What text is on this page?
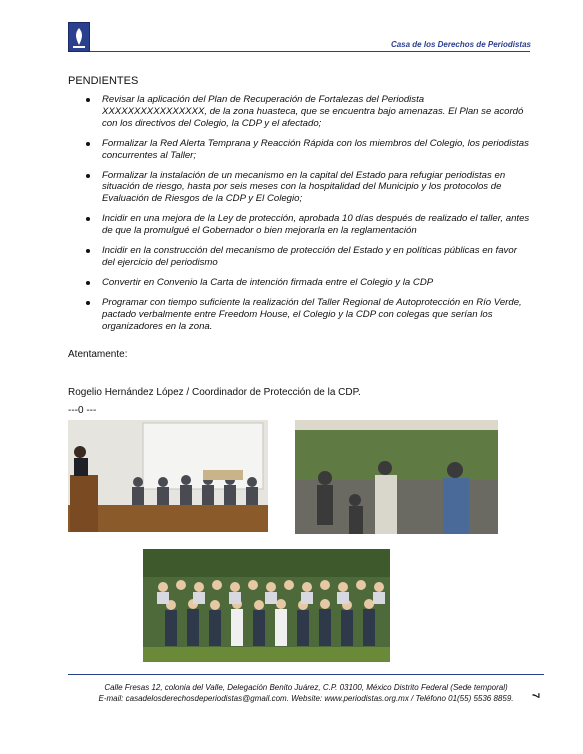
Casa de los Derechos de Periodistas
PENDIENTES
Revisar la aplicación del Plan de Recuperación de Fortalezas del Periodista XXXXXXXXXXXXXXXX, de la zona huasteca, que se encuentra bajo amenazas. El Plan se acordó con los directivos del Colegio, la CDP y el afectado;
Formalizar la Red Alerta Temprana y Reacción Rápida con los miembros del Colegio, los periodistas concurrentes al Taller;
Formalizar la instalación de un mecanismo en la capital del Estado para refugiar periodistas en situación de riesgo, hasta por seis meses con la hospitalidad del Municipio y los protocolos de Evaluación de Riesgos de la CDP y El Colegio;
Incidir en una mejora de la Ley de protección, aprobada 10 días después de realizado el taller, antes de que la promulgué el Gobernador o bien mejorarla en la reglamentación
Incidir en la construcción del mecanismo de protección del Estado y en políticas públicas en favor del ejercicio del periodismo
Convertir en Convenio la Carta de intención firmada entre el Colegio y la CDP
Programar con tiempo suficiente la realización del Taller Regional de Autoprotección en Río Verde, pactado verbalmente entre Freedom House, el Colegio y la CDP con colegas que serían los organizadores en la zona.
Atentamente:
Rogelio Hernández López / Coordinador de Protección de la CDP.
---0 ---
Calle Fresas 12, colonia del Valle, Delegación Benito Juárez, C.P. 03100, México Distrito Federal (Sede temporal)
E-mail: casadelosderechosdeperiodistas@gmail.com. Website: www.periodistas.org.mx / Teléfono 01(55) 5536 8859.	7
